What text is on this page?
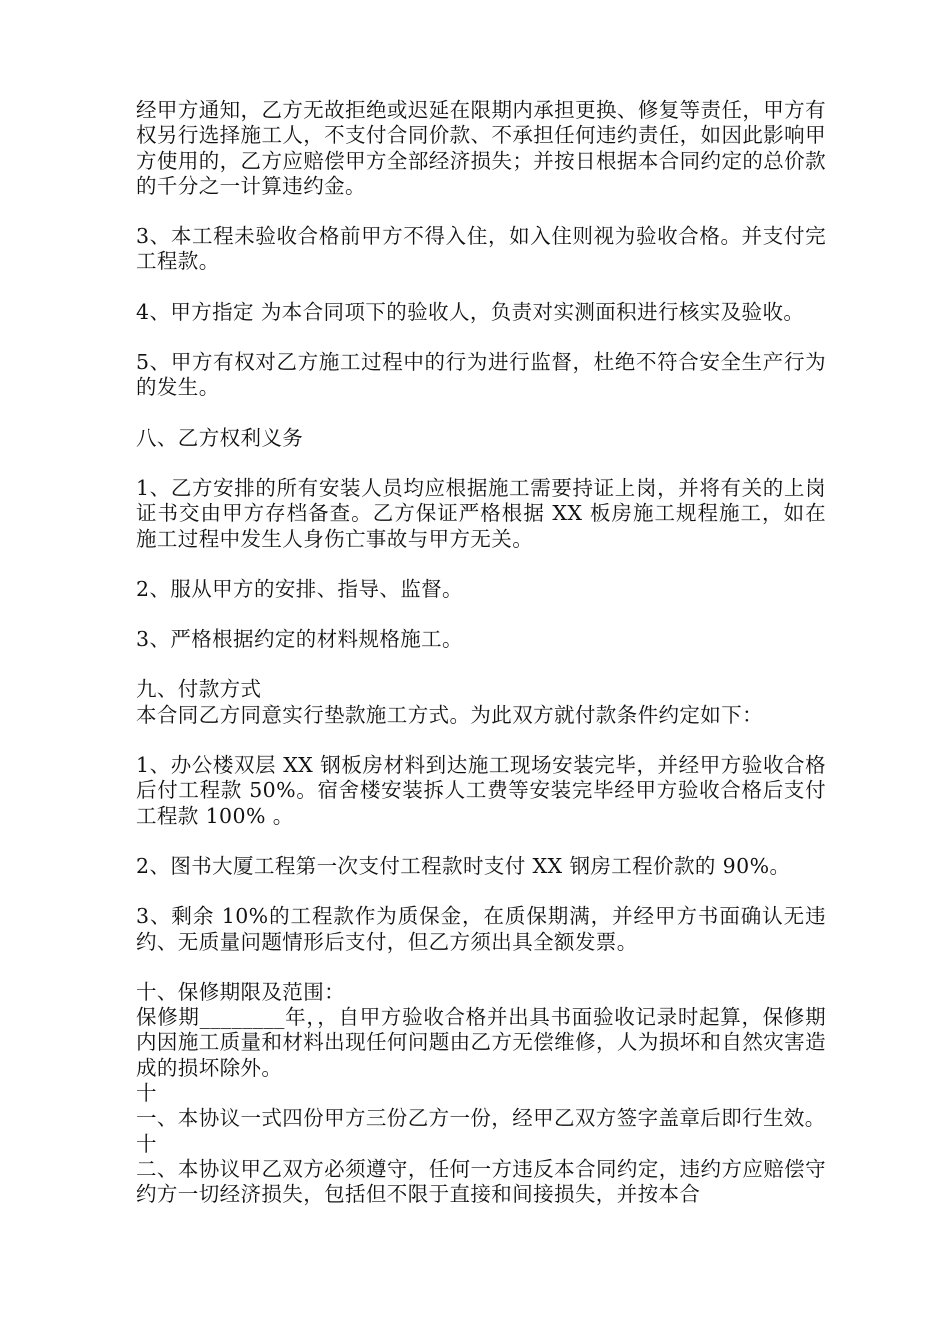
经甲方通知，乙方无故拒绝或迟延在限期内承担更换、修复等责任，甲方有权另行选择施工人，不支付合同价款、不承担任何违约责任，如因此影响甲方使用的，乙方应赔偿甲方全部经济损失；并按日根据本合同约定的总价款的千分之一计算违约金。

3、本工程未验收合格前甲方不得入住，如入住则视为验收合格。并支付完工程款。

4、甲方指定 为本合同项下的验收人，负责对实测面积进行核实及验收。

5、甲方有权对乙方施工过程中的行为进行监督，杜绝不符合安全生产行为的发生。

八、乙方权利义务

1、乙方安排的所有安装人员均应根据施工需要持证上岗，并将有关的上岗证书交由甲方存档备查。乙方保证严格根据 XX 板房施工规程施工，如在施工过程中发生人身伤亡事故与甲方无关。

2、服从甲方的安排、指导、监督。

3、严格根据约定的材料规格施工。

九、付款方式

本合同乙方同意实行垫款施工方式。为此双方就付款条件约定如下：

1、办公楼双层 XX 钢板房材料到达施工现场安装完毕，并经甲方验收合格后付工程款 50%。宿舍楼安装拆人工费等安装完毕经甲方验收合格后支付工程款 100% 。

2、图书大厦工程第一次支付工程款时支付 XX 钢房工程价款的 90%。

3、剩余 10%的工程款作为质保金，在质保期满，并经甲方书面确认无违约、无质量问题情形后支付，但乙方须出具全额发票。

十、保修期限及范围：

保修期________年，，自甲方验收合格并出具书面验收记录时起算，保修期内因施工质量和材料出现任何问题由乙方无偿维修，人为损坏和自然灾害造成的损坏除外。

十

一、本协议一式四份甲方三份乙方一份，经甲乙双方签字盖章后即行生效。

十

二、本协议甲乙双方必须遵守，任何一方违反本合同约定，违约方应赔偿守约方一切经济损失，包括但不限于直接和间接损失，并按本合
